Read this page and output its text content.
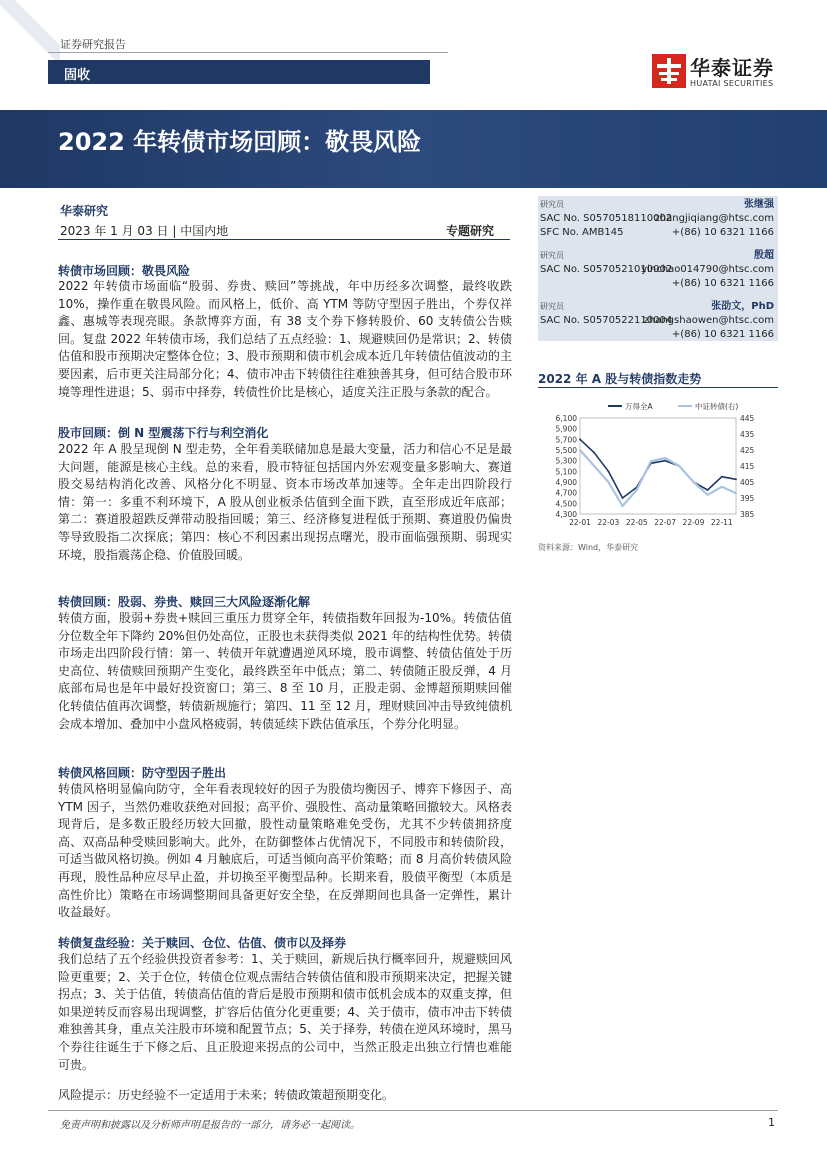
证券研究报告
固收	华泰证券
HUATAI SECURITIES
2022 年转债市场回顾：敬畏风险
华泰研究
2023 年 1 月 03 日 | 中国内地	专题研究
研究员	张继强
SAC No. S0570518110002
zhangjiqiang@htsc.com
SFC No. AMB145	+(86) 10 6321 1166
研究员	殷超
SAC No. S0570521010002
yinchao014790@htsc.com
+(86) 10 6321 1166
研究员	张劭文，PhD
SAC No. S0570522110004
zhangshaowen@htsc.com
+(86) 10 6321 1166
2022 年 A 股与转债指数走势
6,100
5,900
5,700
5,500
5,300
5,100
4,900
4,700
4,500
4,300
445
435
425
415
405
395
385
22-01 22-03 22-05 22-07 22-09 22-11
万得全A	中证转债(右)
资料来源：Wind，华泰研究
转债市场回顾：敬畏风险
2022 年转债市场面临“股弱、券贵、赎回”等挑战，年中历经多次调整，最终收跌 10%，操作重在敬畏风险。而风格上，低价、高 YTM 等防守型因子胜出，个券仅祥鑫、惠城等表现亮眼。条款博弈方面，有 38 支个券下修转股价、60 支转债公告赎回。复盘 2022 年转债市场，我们总结了五点经验：1、规避赎回仍是常识；2、转债估值和股市预期决定整体仓位；3、股市预期和债市机会成本近几年转债估值波动的主要因素，后市更关注局部分化；4、债市冲击下转债往往难独善其身，但可结合股市环境等理性进退；5、弱市中择券，转债性价比是核心，适度关注正股与条款的配合。
股市回顾：倒 N 型震荡下行与利空消化
2022 年 A 股呈现倒 N 型走势，全年看美联储加息是最大变量，活力和信心不足是最大问题，能源是核心主线。总的来看，股市特征包括国内外宏观变量多影响大、赛道股交易结构消化改善、风格分化不明显、资本市场改革加速等。全年走出四阶段行情：第一：多重不利环境下，A 股从创业板杀估值到全面下跌，直至形成近年底部；第二：赛道股超跌反弹带动股指回暖；第三、经济修复进程低于预期、赛道股仍偏贵等导致股指二次探底；第四：核心不利因素出现拐点曙光，股市面临强预期、弱现实环境，股指震荡企稳、价值股回暖。
转债回顾：股弱、券贵、赎回三大风险逐渐化解
转债方面，股弱+券贵+赎回三重压力贯穿全年，转债指数年回报为-10%。转债估值分位数全年下降约 20%但仍处高位，正股也未获得类似 2021 年的结构性优势。转债市场走出四阶段行情：第一、转债开年就遭遇逆风环境，股市调整、转债估值处于历史高位、转债赎回预期产生变化，最终跌至年中低点；第二、转债随正股反弹，4 月底部布局也是年中最好投资窗口；第三、8 至 10 月，正股走弱、金博超预期赎回催化转债估值再次调整，转债新规施行；第四、11 至 12 月，理财赎回冲击导致纯债机会成本增加、叠加中小盘风格疲弱，转债延续下跌估值承压，个券分化明显。
转债风格回顾：防守型因子胜出
转债风格明显偏向防守，全年看表现较好的因子为股债均衡因子、博弈下修因子、高 YTM 因子，当然仍难收获绝对回报；高平价、强股性、高动量策略回撤较大。风格表现背后，是多数正股经历较大回撤，股性动量策略难免受伤，尤其不少转债拥挤度高、双高品种受赎回影响大。此外，在防御整体占优情况下，不同股市和转债阶段，可适当做风格切换。例如 4 月触底后，可适当倾向高平价策略；而 8 月高价转债风险再现，股性品种应尽早止盈，并切换至平衡型品种。长期来看，股债平衡型（本质是高性价比）策略在市场调整期间具备更好安全垫，在反弹期间也具备一定弹性，累计收益最好。
转债复盘经验：关于赎回、仓位、估值、债市以及择券
我们总结了五个经验供投资者参考：1、关于赎回，新规后执行概率回升，规避赎回风险更重要；2、关于仓位，转债仓位观点需结合转债估值和股市预期来决定，把握关键拐点；3、关于估值，转债高估值的背后是股市预期和债市低机会成本的双重支撑，但如果逆转反而容易出现调整，扩容后估值分化更重要；4、关于债市，债市冲击下转债难独善其身，重点关注股市环境和配置节点；5、关于择券，转债在逆风环境时，黑马个券往往诞生于下修之后、且正股迎来拐点的公司中，当然正股走出独立行情也难能可贵。
风险提示：历史经验不一定适用于未来；转债政策超预期变化。
免责声明和披露以及分析师声明是报告的一部分，请务必一起阅读。	1
